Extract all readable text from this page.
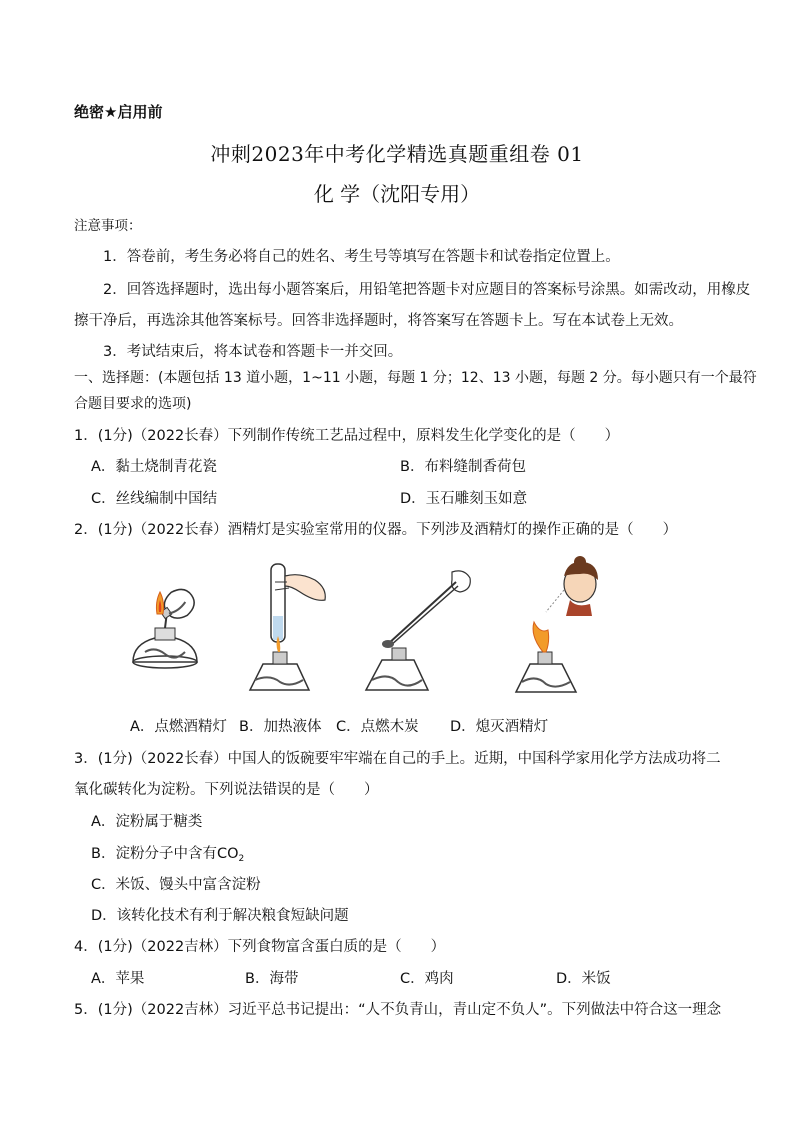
绝密★启用前
冲刺2023年中考化学精选真题重组卷 01
化 学（沈阳专用）
注意事项：
1．答卷前，考生务必将自己的姓名、考生号等填写在答题卡和试卷指定位置上。
2．回答选择题时，选出每小题答案后，用铅笔把答题卡对应题目的答案标号涂黑。如需改动，用橡皮
擦干净后，再选涂其他答案标号。回答非选择题时，将答案写在答题卡上。写在本试卷上无效。
3．考试结束后，将本试卷和答题卡一并交回。
一、选择题：(本题包括 13 道小题，1~11 小题，每题 1 分；12、13 小题，每题 2 分。每小题只有一个最符
合题目要求的选项)
1．(1分)（2022长春）下列制作传统工艺品过程中，原料发生化学变化的是（　　）
A．黏土烧制青花瓷	B．布料缝制香荷包
C．丝线编制中国结	D．玉石雕刻玉如意
2．(1分)（2022长春）酒精灯是实验室常用的仪器。下列涉及酒精灯的操作正确的是（　　）
A．点燃酒精灯 B．加热液体 C．点燃木炭 D．熄灭酒精灯
3．(1分)（2022长春）中国人的饭碗要牢牢端在自己的手上。近期，中国科学家用化学方法成功将二
氧化碳转化为淀粉。下列说法错误的是（　　）
A．淀粉属于糖类
B．淀粉分子中含有$CO_2$
C．米饭、馒头中富含淀粉
D．该转化技术有利于解决粮食短缺问题
4．(1分)（2022吉林）下列食物富含蛋白质的是（　　）
A．苹果	B．海带	C．鸡肉	D．米饭
5．(1分)（2022吉林）习近平总书记提出：“人不负青山，青山定不负人”。下列做法中符合这一理念
